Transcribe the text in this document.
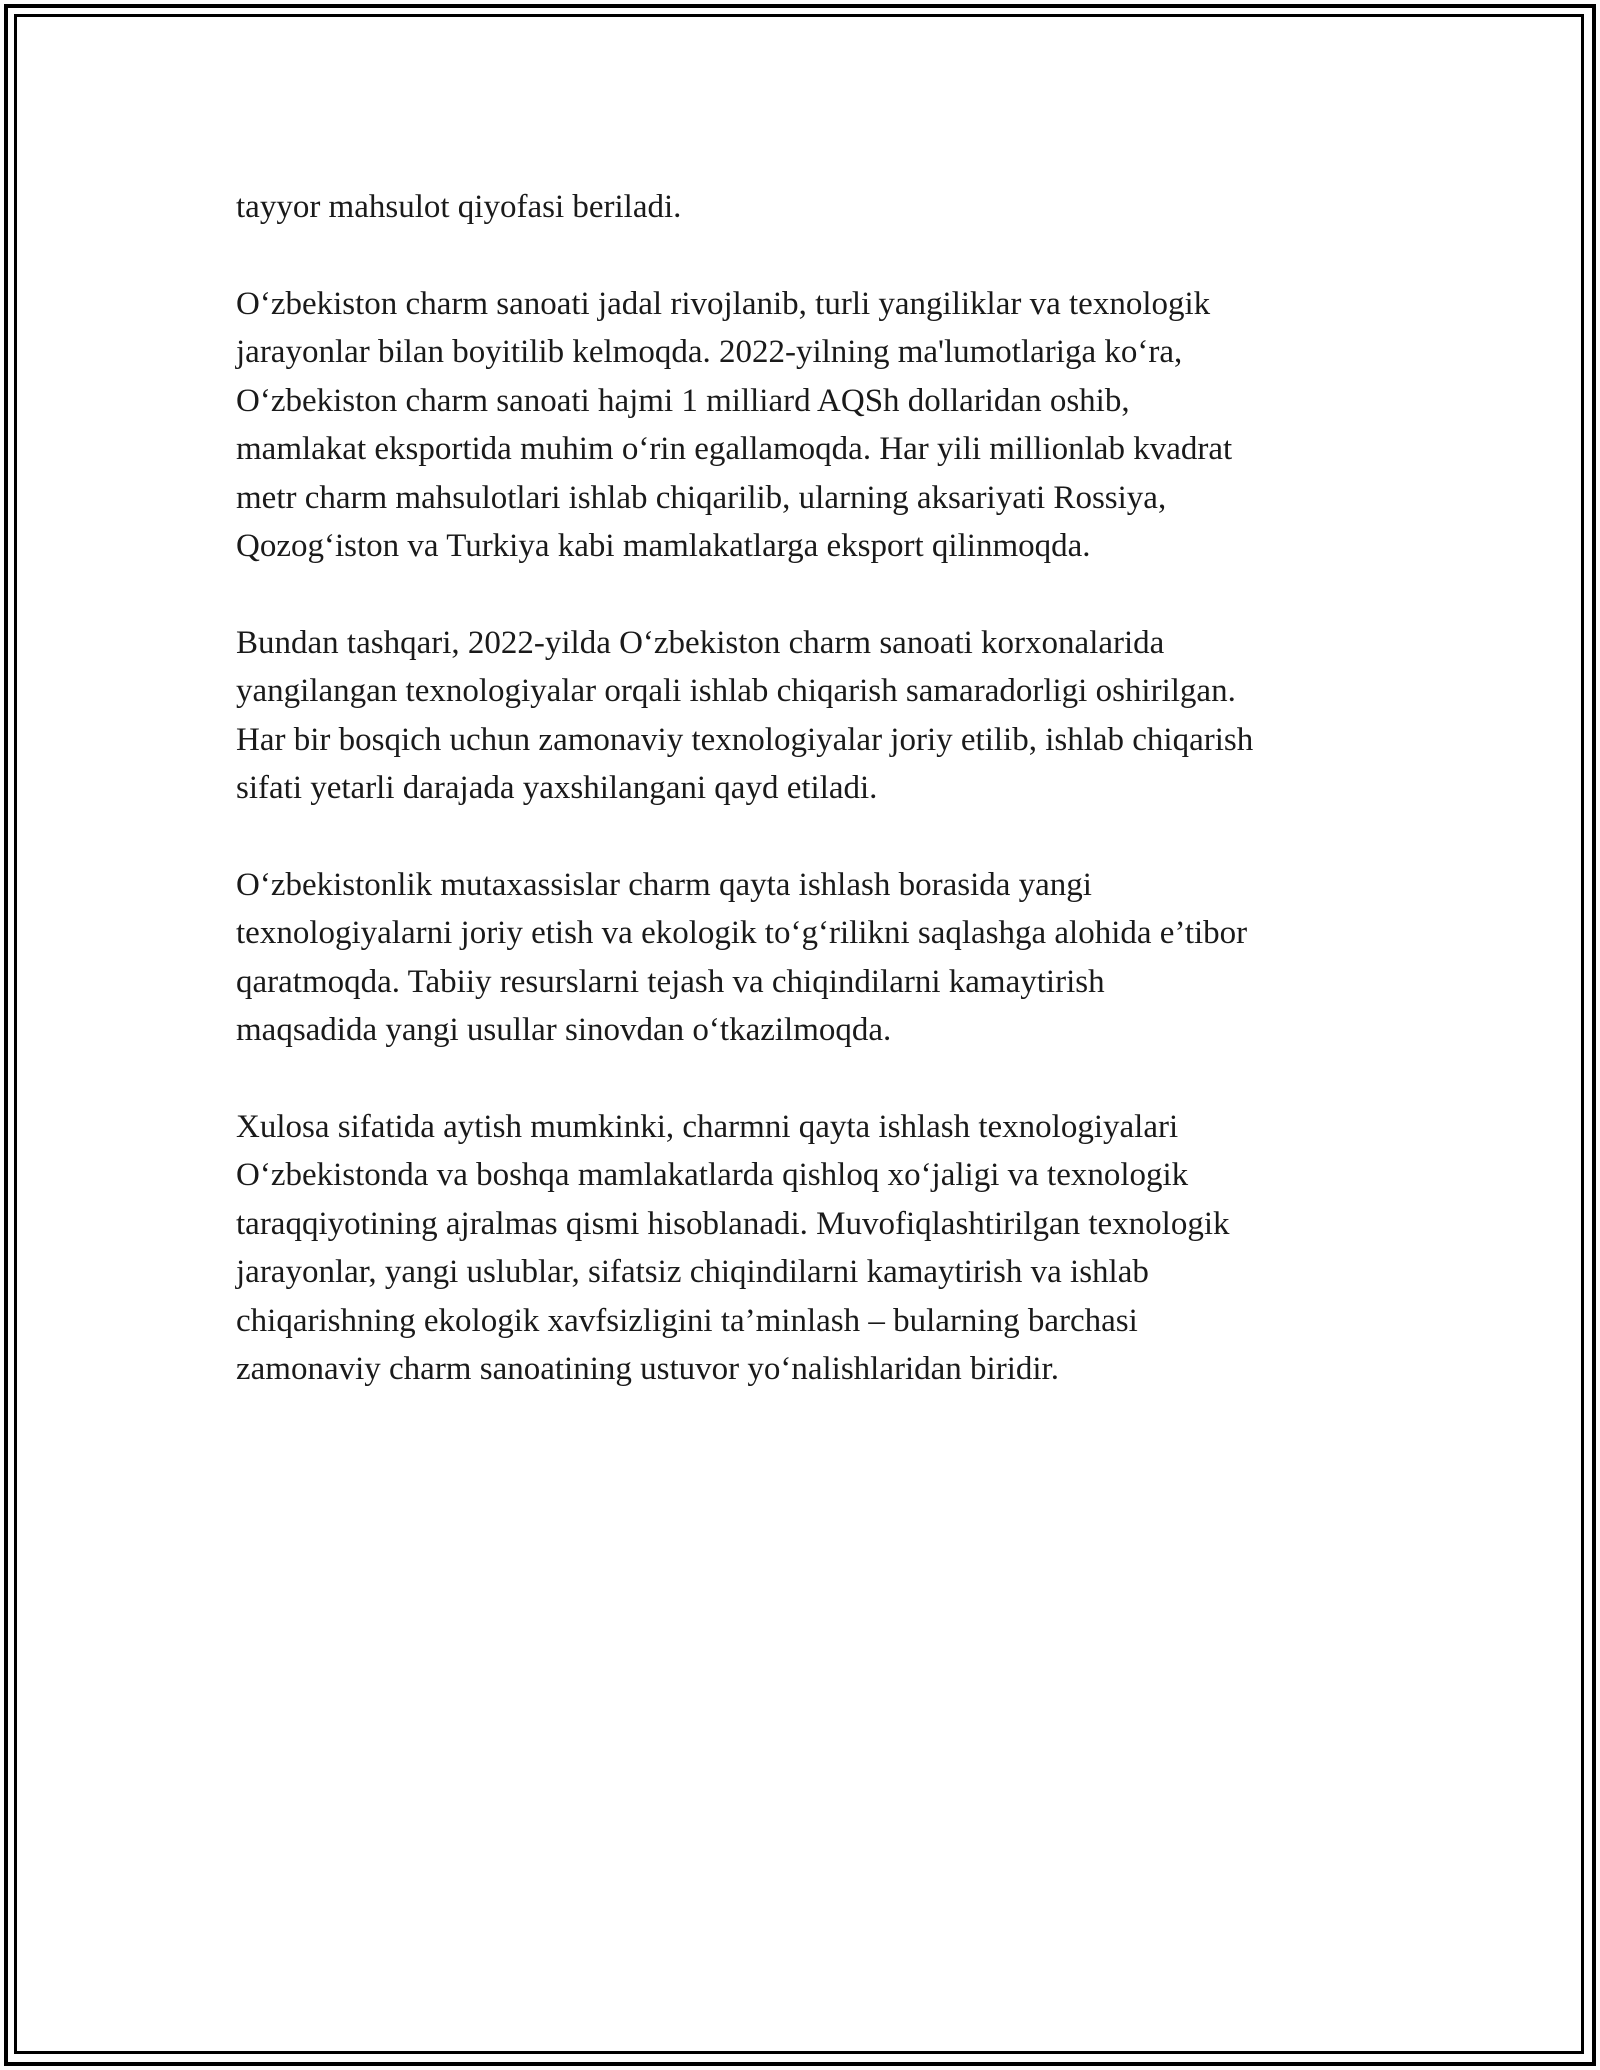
tayyor mahsulot qiyofasi beriladi.

O‘zbekiston charm sanoati jadal rivojlanib, turli yangiliklar va texnologik
jarayonlar bilan boyitilib kelmoqda. 2022-yilning ma'lumotlariga ko‘ra,
O‘zbekiston charm sanoati hajmi 1 milliard AQSh dollaridan oshib,
mamlakat eksportida muhim o‘rin egallamoqda. Har yili millionlab kvadrat
metr charm mahsulotlari ishlab chiqarilib, ularning aksariyati Rossiya,
Qozog‘iston va Turkiya kabi mamlakatlarga eksport qilinmoqda.

Bundan tashqari, 2022-yilda O‘zbekiston charm sanoati korxonalarida
yangilangan texnologiyalar orqali ishlab chiqarish samaradorligi oshirilgan.
Har bir bosqich uchun zamonaviy texnologiyalar joriy etilib, ishlab chiqarish
sifati yetarli darajada yaxshilangani qayd etiladi.

O‘zbekistonlik mutaxassislar charm qayta ishlash borasida yangi
texnologiyalarni joriy etish va ekologik to‘g‘rilikni saqlashga alohida e’tibor
qaratmoqda. Tabiiy resurslarni tejash va chiqindilarni kamaytirish
maqsadida yangi usullar sinovdan o‘tkazilmoqda.

Xulosa sifatida aytish mumkinki, charmni qayta ishlash texnologiyalari
O‘zbekistonda va boshqa mamlakatlarda qishloq xo‘jaligi va texnologik
taraqqiyotining ajralmas qismi hisoblanadi. Muvofiqlashtirilgan texnologik
jarayonlar, yangi uslublar, sifatsiz chiqindilarni kamaytirish va ishlab
chiqarishning ekologik xavfsizligini ta’minlash – bularning barchasi
zamonaviy charm sanoatining ustuvor yo‘nalishlaridan biridir.
